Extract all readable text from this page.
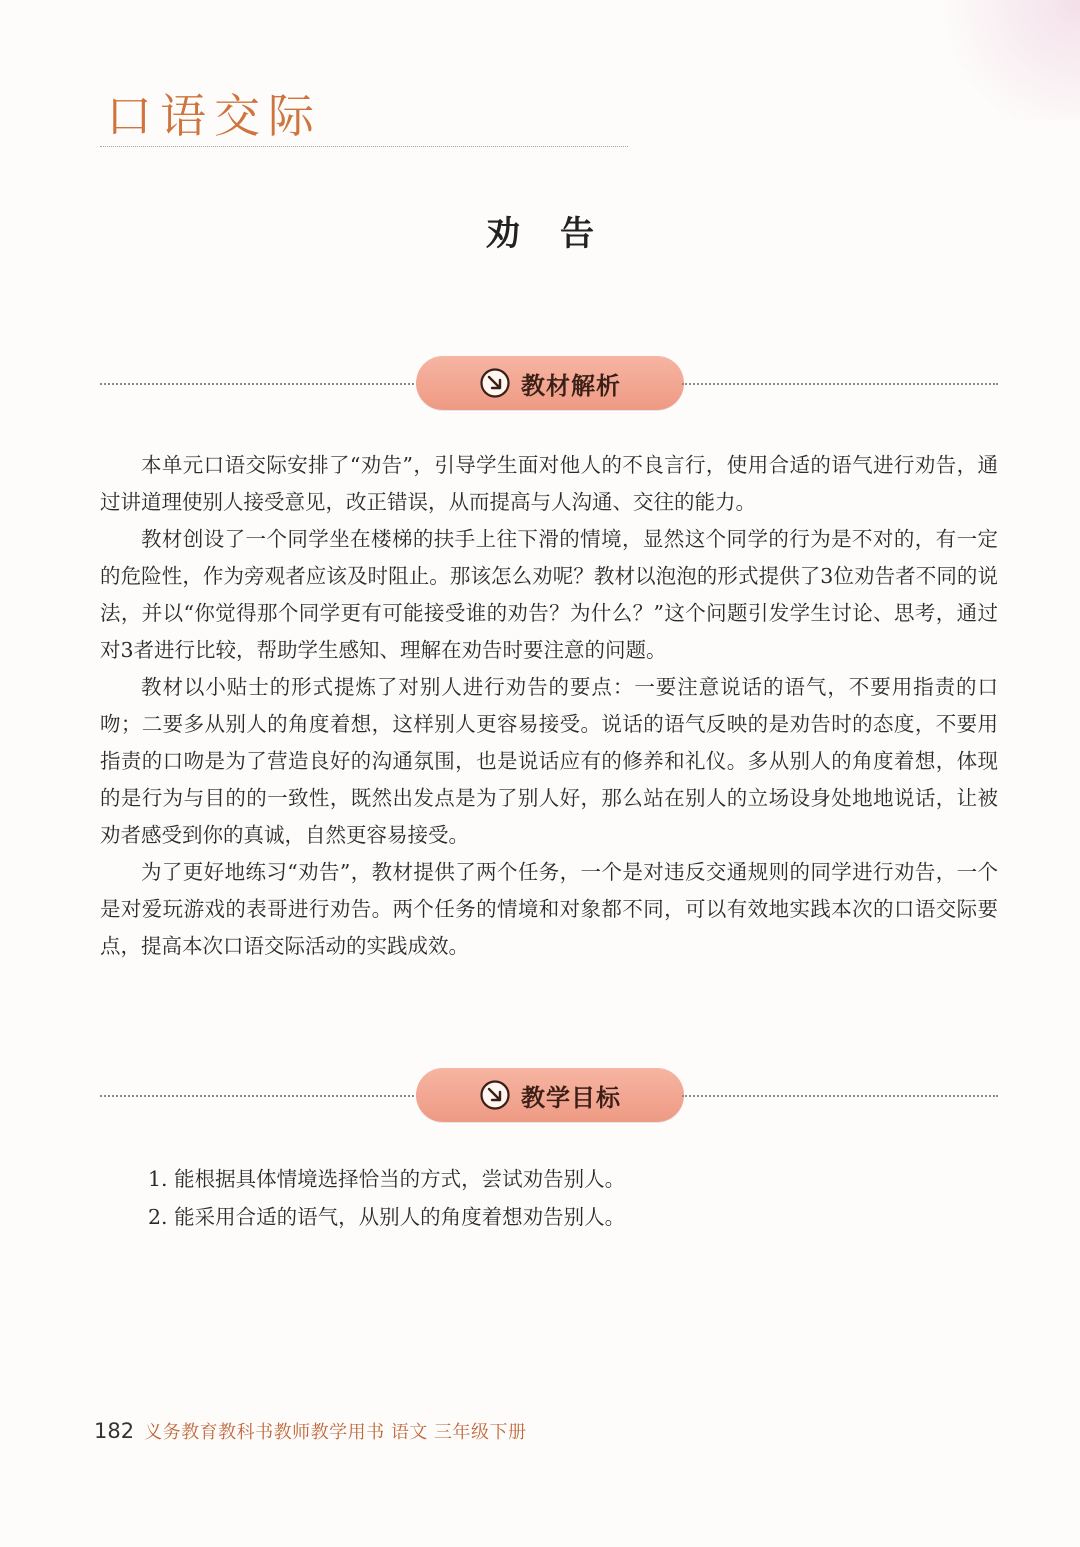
口语交际
劝告
教材解析

本单元口语交际安排了“劝告”，引导学生面对他人的不良言行，使用合适的语气进行劝告，通过讲道理使别人接受意见，改正错误，从而提高与人沟通、交往的能力。

教材创设了一个同学坐在楼梯的扶手上往下滑的情境，显然这个同学的行为是不对的，有一定的危险性，作为旁观者应该及时阻止。那该怎么劝呢？教材以泡泡的形式提供了3位劝告者不同的说法，并以“你觉得那个同学更有可能接受谁的劝告？为什么？”这个问题引发学生讨论、思考，通过对3者进行比较，帮助学生感知、理解在劝告时要注意的问题。

教材以小贴士的形式提炼了对别人进行劝告的要点：一要注意说话的语气，不要用指责的口吻；二要多从别人的角度着想，这样别人更容易接受。说话的语气反映的是劝告时的态度，不要用指责的口吻是为了营造良好的沟通氛围，也是说话应有的修养和礼仪。多从别人的角度着想，体现的是行为与目的的一致性，既然出发点是为了别人好，那么站在别人的立场设身处地地说话，让被劝者感受到你的真诚，自然更容易接受。

为了更好地练习“劝告”，教材提供了两个任务，一个是对违反交通规则的同学进行劝告，一个是对爱玩游戏的表哥进行劝告。两个任务的情境和对象都不同，可以有效地实践本次的口语交际要点，提高本次口语交际活动的实践成效。

教学目标
1. 能根据具体情境选择恰当的方式，尝试劝告别人。
2. 能采用合适的语气，从别人的角度着想劝告别人。
182 义务教育教科书教师教学用书 语文 三年级下册
